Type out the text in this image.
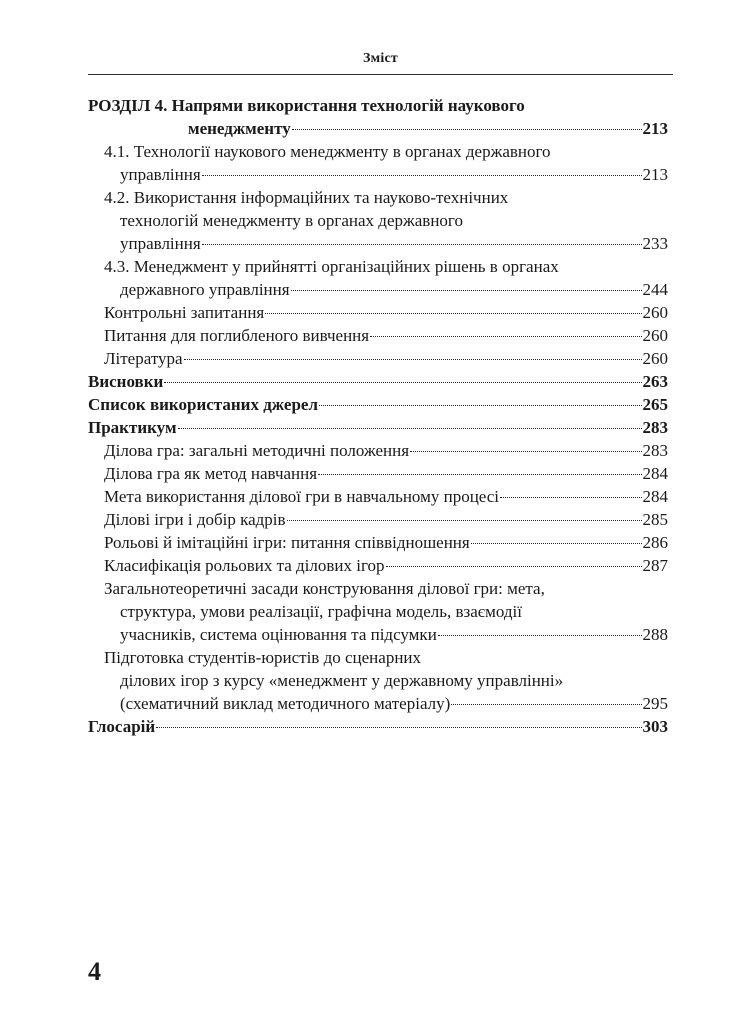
Зміст
РОЗДІЛ 4. Напрями використання технологій наукового
менеджменту	213
4.1. Технології наукового менеджменту в органах державного
управління	213
4.2. Використання інформаційних та науково-технічних
технологій менеджменту в органах державного
управління	233
4.3. Менеджмент у прийнятті організаційних рішень в органах
державного управління	244
Контрольні запитання	260
Питання для поглибленого вивчення	260
Література	260
Висновки	263
Список використаних джерел	265
Практикум	283
Ділова гра: загальні методичні положення	283
Ділова гра як метод навчання	284
Мета використання ділової гри в навчальному процесі	284
Ділові ігри і добір кадрів	285
Рольові й імітаційні ігри: питання співвідношення	286
Класифікація рольових та ділових ігор	287
Загальнотеоретичні засади конструювання ділової гри: мета,
структура, умови реалізації, графічна модель, взаємодії
учасників, система оцінювання та підсумки	288
Підготовка студентів-юристів до сценарних
ділових ігор з курсу «менеджмент у державному управлінні»
(схематичний виклад методичного матеріалу)	295
Глосарій	303
4
